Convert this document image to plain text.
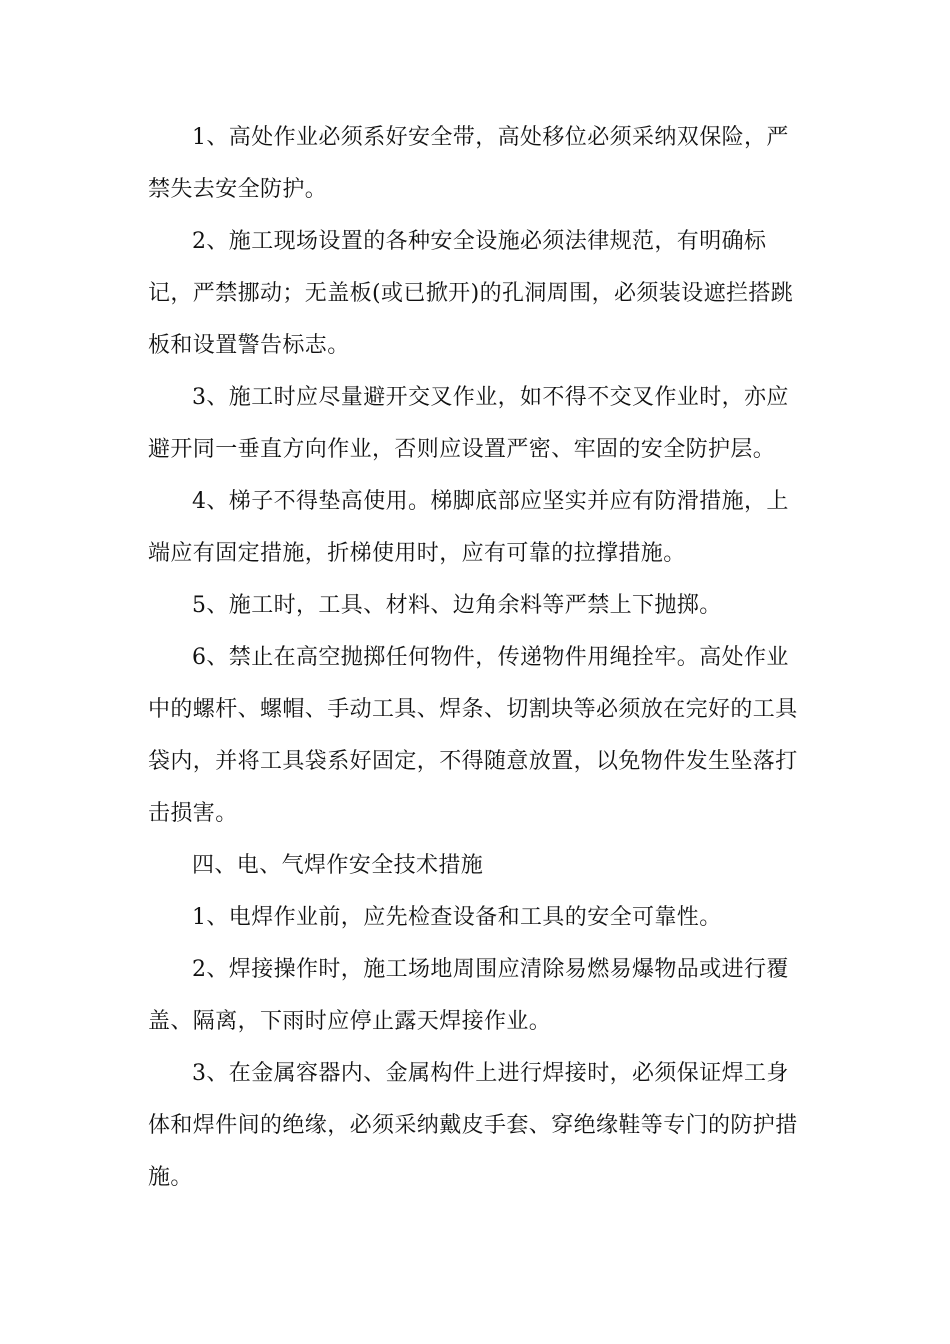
1、高处作业必须系好安全带，高处移位必须采纳双保险，严
禁失去安全防护。
2、施工现场设置的各种安全设施必须法律规范，有明确标
记，严禁挪动；无盖板(或已掀开)的孔洞周围，必须装设遮拦搭跳
板和设置警告标志。
3、施工时应尽量避开交叉作业，如不得不交叉作业时，亦应
避开同一垂直方向作业，否则应设置严密、牢固的安全防护层。
4、梯子不得垫高使用。梯脚底部应坚实并应有防滑措施，上
端应有固定措施，折梯使用时，应有可靠的拉撑措施。
5、施工时，工具、材料、边角余料等严禁上下抛掷。
6、禁止在高空抛掷任何物件，传递物件用绳拴牢。高处作业
中的螺杆、螺帽、手动工具、焊条、切割块等必须放在完好的工具
袋内，并将工具袋系好固定，不得随意放置，以免物件发生坠落打
击损害。
四、电、气焊作安全技术措施
1、电焊作业前，应先检查设备和工具的安全可靠性。
2、焊接操作时，施工场地周围应清除易燃易爆物品或进行覆
盖、隔离，下雨时应停止露天焊接作业。
3、在金属容器内、金属构件上进行焊接时，必须保证焊工身
体和焊件间的绝缘，必须采纳戴皮手套、穿绝缘鞋等专门的防护措
施。
